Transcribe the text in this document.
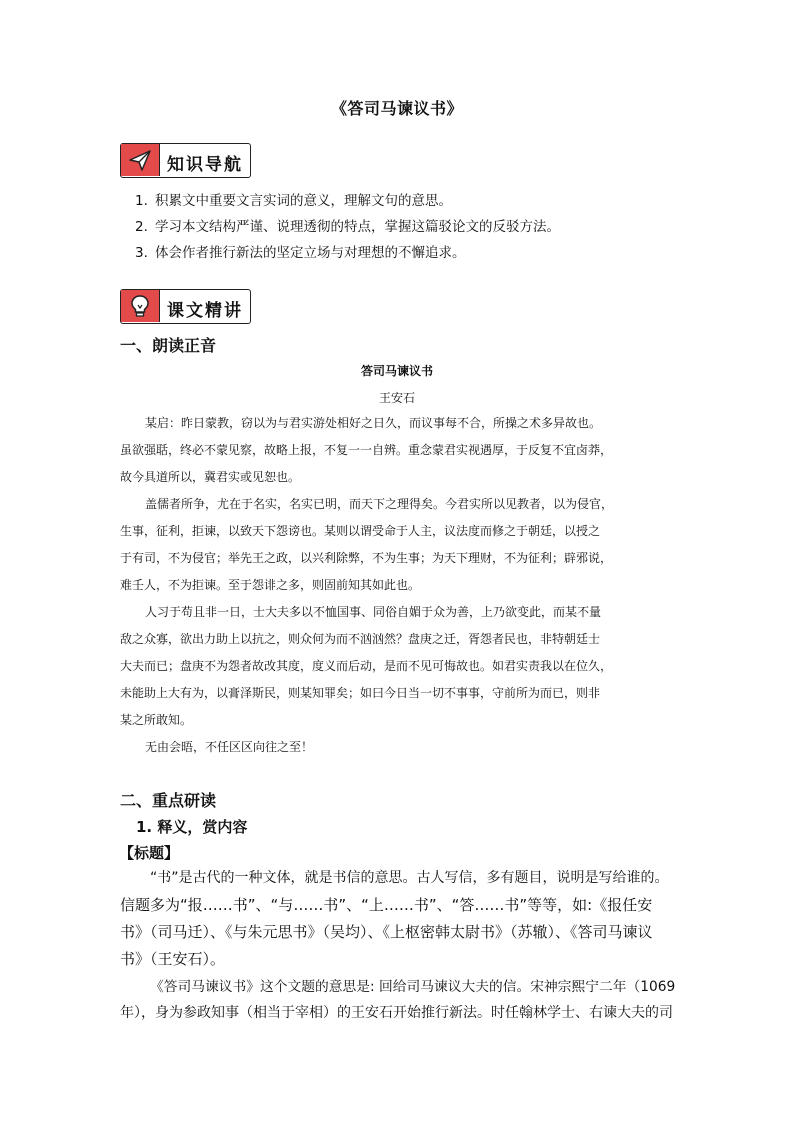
《答司马谏议书》
知识导航
1. 积累文中重要文言实词的意义，理解文句的意思。
2. 学习本文结构严谨、说理透彻的特点，掌握这篇驳论文的反驳方法。
3. 体会作者推行新法的坚定立场与对理想的不懈追求。
课文精讲
一、朗读正音
答司马谏议书
王安石
某启：昨日蒙教，窃以为与君实游处相好之日久，而议事每不合，所操之术多异故也。
虽欲强聒，终必不蒙见察，故略上报，不复一一自辨。重念蒙君实视遇厚，于反复不宜卤莽，
故今具道所以，冀君实或见恕也。
盖儒者所争，尤在于名实，名实已明，而天下之理得矣。今君实所以见教者，以为侵官，
生事，征利，拒谏，以致天下怨谤也。某则以谓受命于人主，议法度而修之于朝廷，以授之
于有司，不为侵官；举先王之政，以兴利除弊，不为生事；为天下理财，不为征利；辟邪说，
难壬人，不为拒谏。至于怨诽之多，则固前知其如此也。
人习于苟且非一日，士大夫多以不恤国事、同俗自媚于众为善，上乃欲变此，而某不量
敌之众寡，欲出力助上以抗之，则众何为而不汹汹然？盘庚之迁，胥怨者民也，非特朝廷士
大夫而已；盘庚不为怨者故改其度，度义而后动，是而不见可悔故也。如君实责我以在位久，
未能助上大有为，以膏泽斯民，则某知罪矣；如曰今日当一切不事事，守前所为而已，则非
某之所敢知。
无由会晤，不任区区向往之至！
二、重点研读
1. 释义，赏内容
【标题】
“书”是古代的一种文体，就是书信的意思。古人写信，多有题目，说明是写给谁的。
信题多为“报……书”、“与……书”、“上……书”、“答……书”等等，如:《报任安
书》（司马迁）、《与朱元思书》（吴均）、《上枢密韩太尉书》（苏辙）、《答司马谏议
书》（王安石）。
《答司马谏议书》这个文题的意思是: 回给司马谏议大夫的信。宋神宗熙宁二年（1069
年），身为参政知事（相当于宰相）的王安石开始推行新法。时任翰林学士、右谏大夫的司
